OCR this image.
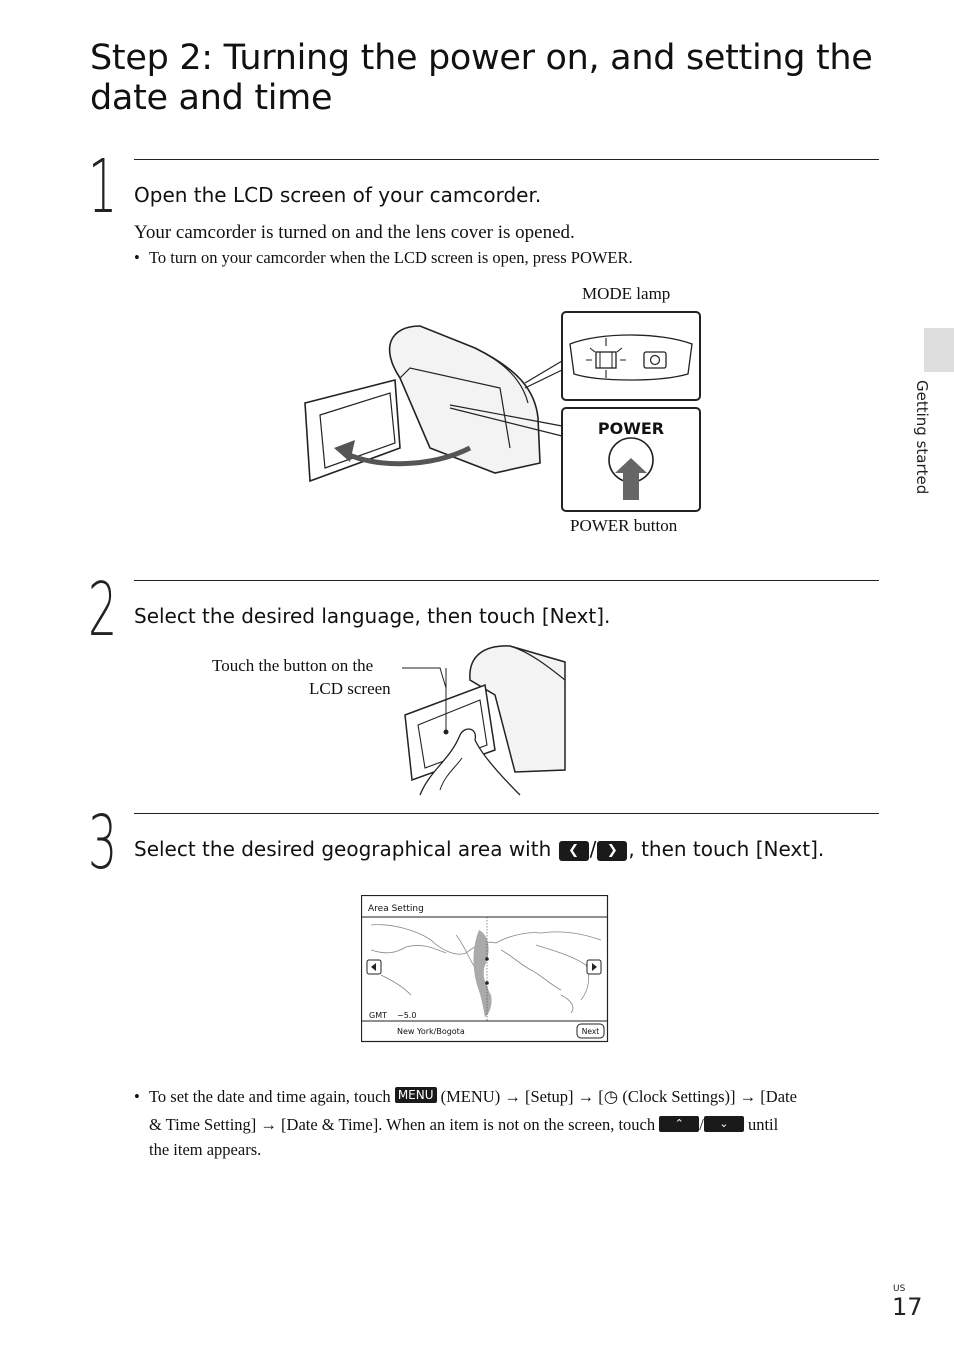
Step 2: Turning the power on, and setting the date and time
Getting started
1 Open the LCD screen of your camcorder.
Your camcorder is turned on and the lens cover is opened.
• To turn on your camcorder when the LCD screen is open, press POWER.
MODE lamp
POWER button
POWER
2 Select the desired language, then touch [Next].
Touch the button on the
LCD screen
3 Select the desired geographical area with ❮ / ❯ , then touch [Next].
Area Setting
GMT −5.0
New York/Bogota	Next
• To set the date and time again, touch MENU (MENU) → [Setup] → [◷ (Clock Settings)] → [Date
& Time Setting] → [Date & Time]. When an item is not on the screen, touch ⌃ / ⌄ until
the item appears.
US
17
